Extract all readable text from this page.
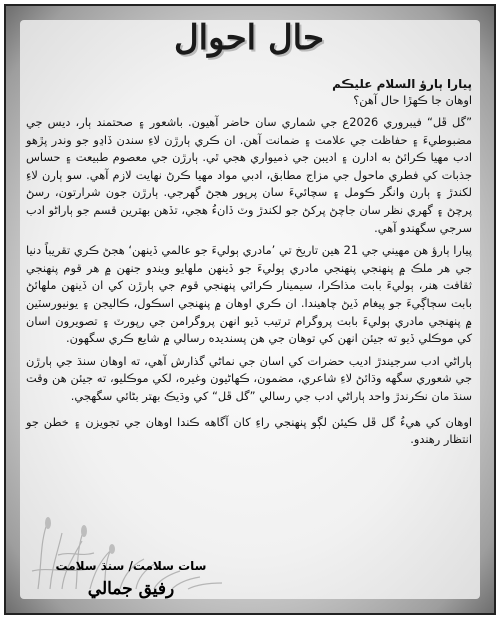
حال احوال

پيارا ٻارؤ السلام عليڪم

اوهان جا ڪهڙا حال آهن؟

”گل ڦل“ فيبروري 2026ع جي شماري سان حاضر آهيون. باشعور ۽ صحتمند ٻار، ديس جي مضبوطيءَ ۽ حفاظت جي علامت ۽ ضمانت آهن. ان ڪري ٻارڙن لاءِ سندن ڏاڍو جو وندر پڙهو ادب مهيا ڪرائڻ به ادارن ۽ اديبن جي ذميواري هجي ٿي. ٻارڙن جي معصوم طبيعت ۽ حساس جذبات کي فطري ماحول جي مزاج مطابق، ادبي مواد مهيا ڪرڻ نهايت لازم آهي. سو ٻارن لاءِ لکندڙ ۽ ٻارن وانگر ڪومل ۽ سچائيءَ سان پرپور هجڻ گهرجي. ٻارڙن جون شرارتون، رسڻ پرچڻ ۽ گهري نظر سان جاچڻ پرکڻ جو لکندڙ وٽ ڏانءُ هجي، تڏهن بهترين قسم جو ٻاراڻو ادب سرجي سگهندو آهي.

پيارا ٻارؤ هن مهيني جي 21 هين تاريخ تي ’مادري ٻوليءَ جو عالمي ڏينهن‘ هجڻ ڪري تقريباً دنيا جي هر ملڪ ۾ پنهنجي پنهنجي مادري ٻوليءَ جو ڏينهن ملهايو ويندو جنهن ۾ هر قوم پنهنجي ثقافت هنر، ٻوليءَ بابت مذاڪرا، سيمينار ڪرائي پنهنجي قوم جي ٻارڙن کي ان ڏينهن ملهائڻ بابت سڄاڳيءَ جو پيغام ڏيڻ چاهيندا. ان ڪري اوهان ۾ پنهنجي اسڪول، ڪاليجن ۽ يونيورسٽين ۾ پنهنجي مادري ٻوليءَ بابت پروگرام ترتيب ڏيو انهن پروگرامن جي رپورٽ ۽ تصويرون اسان کي موڪلي ڏيو ته جيئن انهن کي توهان جي هن پسنديده رسالي ۾ شايع ڪري سگهون.

ٻاراڻي ادب سرجيندڙ اديب حضرات کي اسان جي نماڻي گذارش آهي، ته اوهان سنڌ جي ٻارڙن جي شعوري سگهه وڌائڻ لاءِ شاعري، مضمون، ڪهاڻيون وغيره، لکي موڪليو، ته جيئن هن وقت سنڌ مان نڪرندڙ واحد ٻاراڻي ادب جي رسالي ”گل ڦل“ کي وڌيڪ بهتر بڻائي سگهجي.

اوهان کي هيءُ گل ڦل ڪيئن لڳو پنهنجي راءِ کان آگاهه ڪندا اوهان جي تجويزن ۽ خطن جو انتظار رهندو.

سات سلامت/ سنڌ سلامت
رفيق جمالي
